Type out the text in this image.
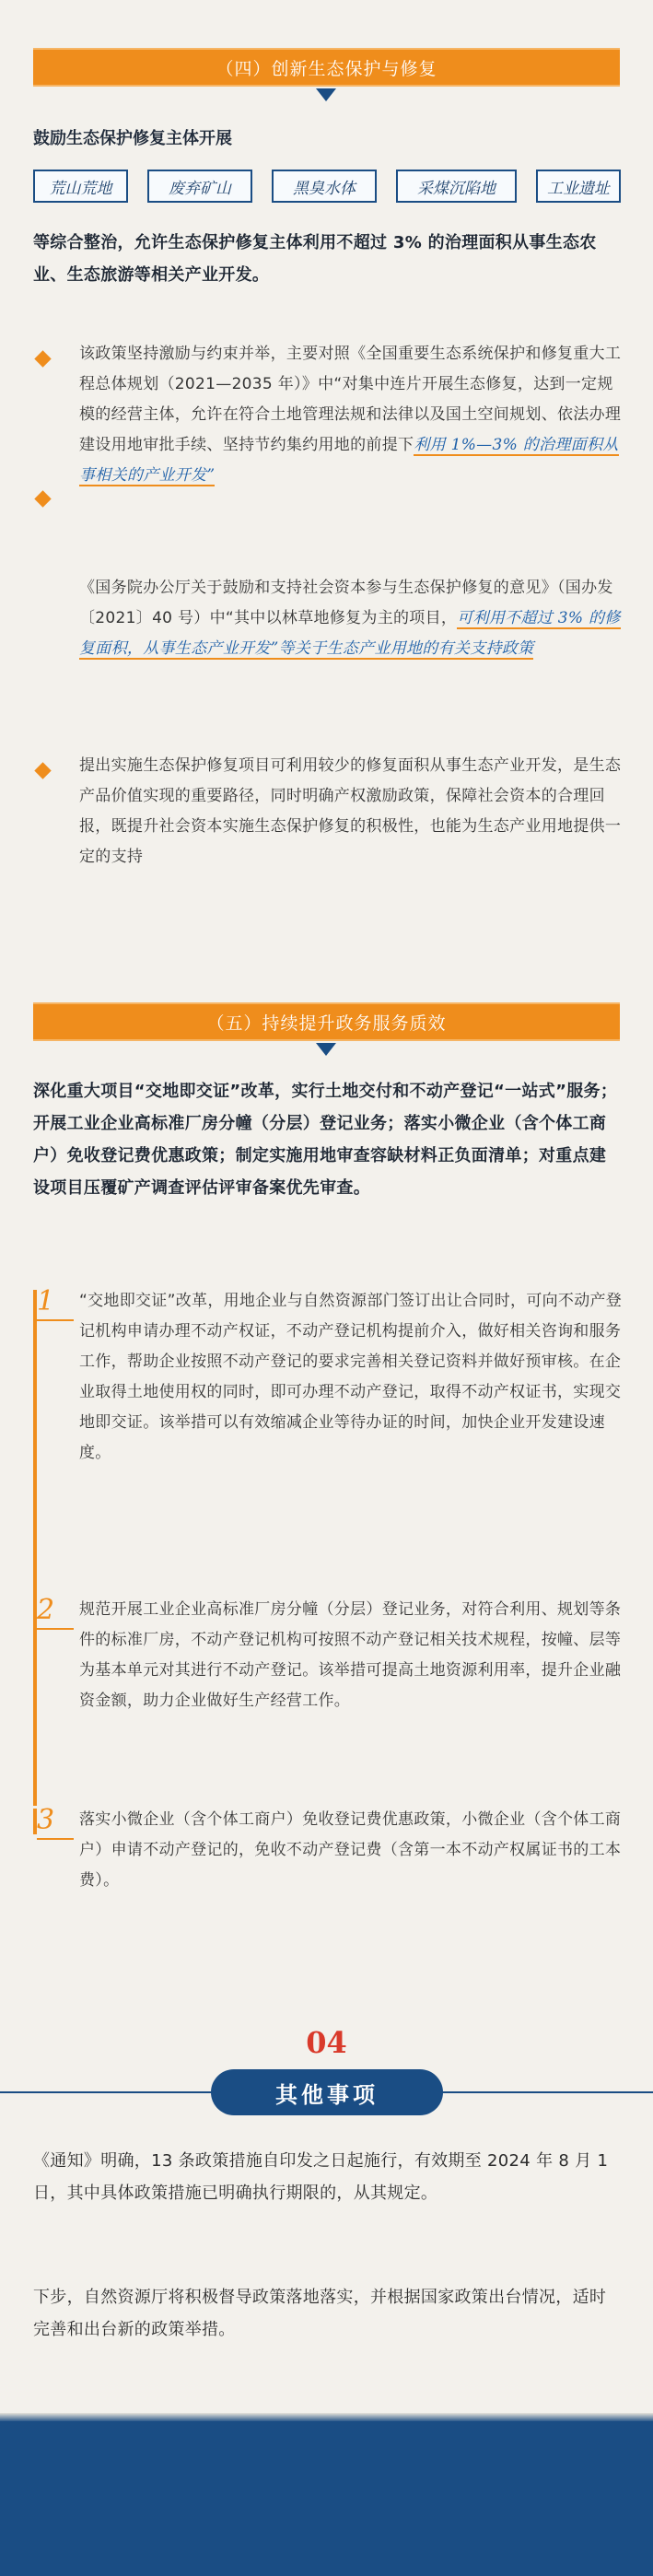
（四）创新生态保护与修复
鼓励生态保护修复主体开展
荒山荒地	废弃矿山	黑臭水体	采煤沉陷地	工业遗址
等综合整治，允许生态保护修复主体利用不超过 3% 的治理面积从事生态农业、生态旅游等相关产业开发。
该政策坚持激励与约束并举，主要对照《全国重要生态系统保护和修复重大工程总体规划（2021—2035 年）》中“对集中连片开展生态修复，达到一定规模的经营主体，允许在符合土地管理法规和法律以及国土空间规划、依法办理建设用地审批手续、坚持节约集约用地的前提下利用 1%—3% 的治理面积从事相关的产业开发”
《国务院办公厅关于鼓励和支持社会资本参与生态保护修复的意见》（国办发〔2021〕40 号）中“其中以林草地修复为主的项目，可利用不超过 3% 的修复面积，从事生态产业开发”等关于生态产业用地的有关支持政策
提出实施生态保护修复项目可利用较少的修复面积从事生态产业开发，是生态产品价值实现的重要路径，同时明确产权激励政策，保障社会资本的合理回报，既提升社会资本实施生态保护修复的积极性，也能为生态产业用地提供一定的支持
（五）持续提升政务服务质效
深化重大项目“交地即交证”改革，实行土地交付和不动产登记“一站式”服务；开展工业企业高标准厂房分幢（分层）登记业务；落实小微企业（含个体工商户）免收登记费优惠政策；制定实施用地审查容缺材料正负面清单；对重点建设项目压覆矿产调查评估评审备案优先审查。
1 “交地即交证”改革，用地企业与自然资源部门签订出让合同时，可向不动产登记机构申请办理不动产权证，不动产登记机构提前介入，做好相关咨询和服务工作，帮助企业按照不动产登记的要求完善相关登记资料并做好预审核。在企业取得土地使用权的同时，即可办理不动产登记，取得不动产权证书，实现交地即交证。该举措可以有效缩减企业等待办证的时间，加快企业开发建设速度。
2 规范开展工业企业高标准厂房分幢（分层）登记业务，对符合利用、规划等条件的标准厂房，不动产登记机构可按照不动产登记相关技术规程，按幢、层等为基本单元对其进行不动产登记。该举措可提高土地资源利用率，提升企业融资金额，助力企业做好生产经营工作。
3 落实小微企业（含个体工商户）免收登记费优惠政策，小微企业（含个体工商户）申请不动产登记的，免收不动产登记费（含第一本不动产权属证书的工本费）。
04
其他事项
《通知》明确，13 条政策措施自印发之日起施行，有效期至 2024 年 8 月 1 日，其中具体政策措施已明确执行期限的，从其规定。
下步，自然资源厅将积极督导政策落地落实，并根据国家政策出台情况，适时完善和出台新的政策举措。
